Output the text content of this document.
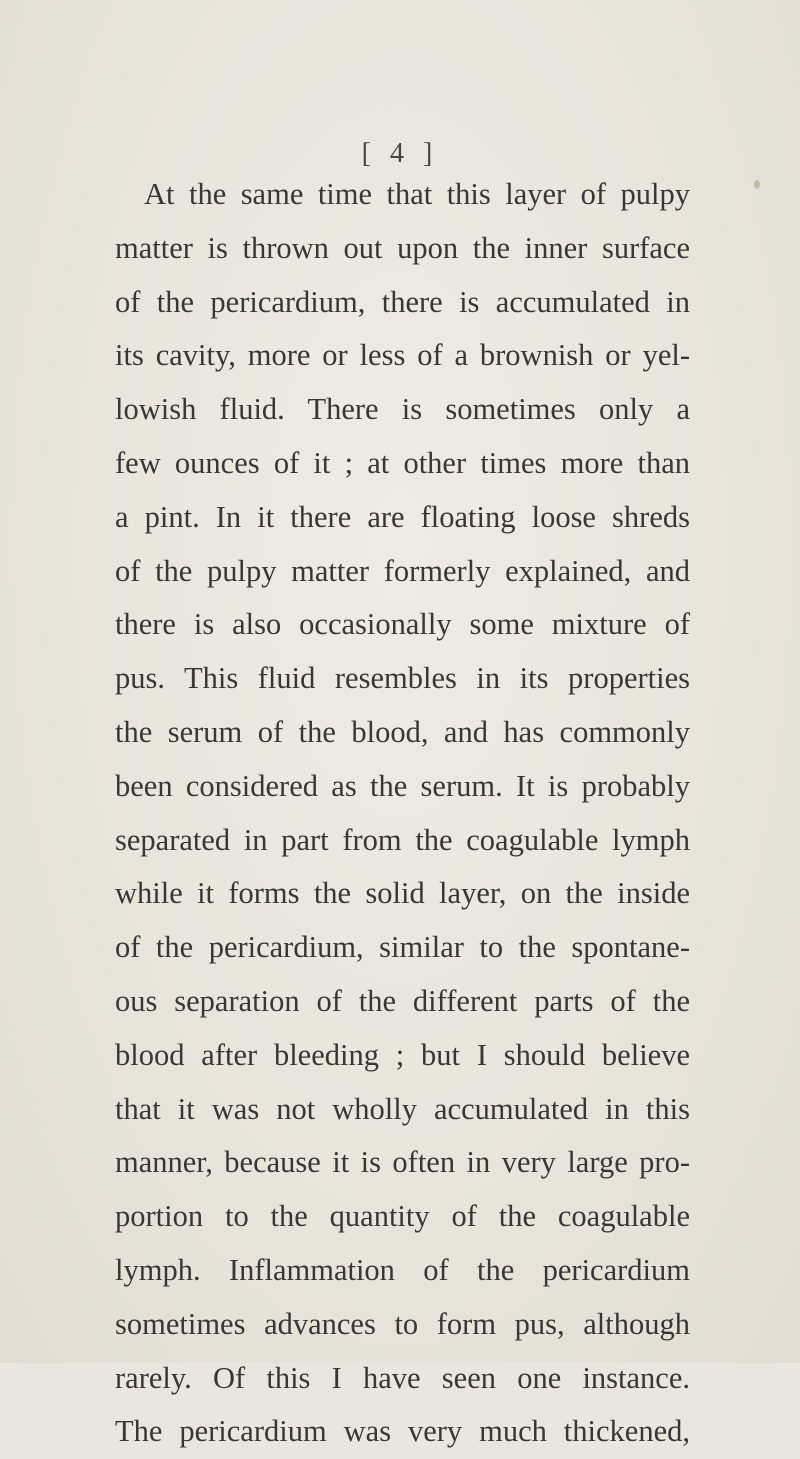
[ 4 ]
At the same time that this layer of pulpy
matter is thrown out upon the inner surface
of the pericardium, there is accumulated in
its cavity, more or less of a brownish or yel-
lowish fluid. There is sometimes only a
few ounces of it ; at other times more than
a pint. In it there are floating loose shreds
of the pulpy matter formerly explained, and
there is also occasionally some mixture of
pus. This fluid resembles in its properties
the serum of the blood, and has commonly
been considered as the serum. It is probably
separated in part from the coagulable lymph
while it forms the solid layer, on the inside
of the pericardium, similar to the spontane-
ous separation of the different parts of the
blood after bleeding ; but I should believe
that it was not wholly accumulated in this
manner, because it is often in very large pro-
portion to the quantity of the coagulable
lymph. Inflammation of the pericardium
sometimes advances to form pus, although
rarely. Of this I have seen one instance.
The pericardium was very much thickened,
